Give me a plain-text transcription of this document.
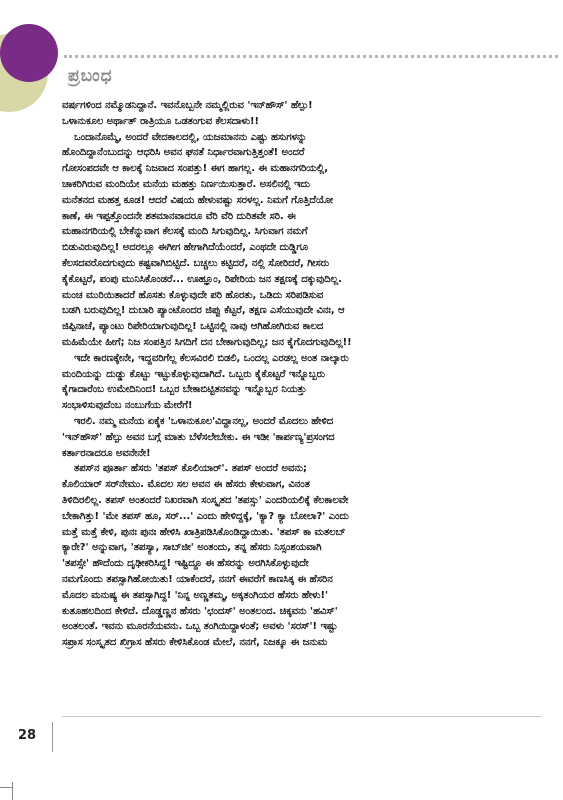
ಪ್ರಬಂಧ
ವರ್ಷಗಳಿಂದ ನಮ್ಮೊಡನಿದ್ದಾನೆ. ಇವನೊಬ್ಬನೇ ನಮ್ಮಲ್ಲಿರುವ 'ಇನ್‌ಹೌಸ್' ಹೆಲ್ಪು!
ಒಳಾನುಕೂಲ ಅರ್ಥಾತ್ ರಾತ್ರಿಯೂ ಒಡತಂಗುವ ಕೆಲಸದಾಳು!!
ಒಂದಾನೊಮ್ಮೆ, ಅಂದರೆ ವೇದಕಾಲದಲ್ಲಿ, ಯಜಮಾನನು ಎಷ್ಟು ಹಸುಗಳನ್ನು
ಹೊಂದಿದ್ದಾನೆಂಬುದನ್ನು ಆಧರಿಸಿ ಅವನ ಘನತೆ ನಿರ್ಧಾರವಾಗುತ್ತಿತ್ತಂತೆ! ಅಂದರೆ
ಗೋಸಂಪದವೇ ಆ ಕಾಲಕ್ಕೆ ನಿಜವಾದ ಸಂಪತ್ತು! ಈಗ ಹಾಗಲ್ಲ. ಈ ಮಹಾನಗರಿಯಲ್ಲಿ,
ಚಾಕರಿಗಿರುವ ಮಂದಿಯೇ ಮನೆಯ ಮಹತ್ತು ನಿರ್ಣಯಿಸುತ್ತಾರೆ. ಅಸಲಿನಲ್ಲಿ ಇದು
ಮನೆತನದ ಮಹತ್ತ ಕೂಡ! ಆದರೆ ವಿಷಯ ಹೇಳುವಷ್ಟು ಸರಳಲ್ಲ. ನಿಮಗೆ ಗೊತ್ತಿದೆಯೋ
ಕಾಣೆ, ಈ ಇಪ್ಪತ್ತೊಂದನೇ ಶತಮಾನವಾದರೂ ವೆರಿ ವೆರಿ ದುರಿತವೇ ಸರಿ. ಈ
ಮಹಾನಗರಿಯಲ್ಲಿ ಬೇಕೆನ್ನುವಾಗ ಕೆಲಸಕ್ಕೆ ಮಂದಿ ಸಿಗುವುದಿಲ್ಲ. ಸಿಗುವಾಗ ನಮಗೆ
ಬಿಡುವಿರುವುದಿಲ್ಲ! ಅದರಲ್ಲೂ ಈಗೀಗ ಹೇಗಾಗಿದೆಯೆಂದರೆ, ಎಂಥದೇ ದುಡ್ಡಿಗೂ
ಕೆಲಸದವರೊದಗುವುದು ಕಷ್ಟವಾಗಿಬಿಟ್ಟಿದೆ. ಬಚ್ಚಲು ಕಟ್ಟಿದರೆ, ನಲ್ಲಿ ಸೋರಿದರೆ, ಗೀಸರು
ಕೈಕೊಟ್ಟರೆ, ಪಂಪು ಮುನಿಸಿಕೊಂಡರೆ... ಊಹ್ಞೂಂ, ರಿಪೇರಿಯ ಜನ ತಕ್ಷಣಕ್ಕೆ ದಕ್ಕುವುದಿಲ್ಲ.
ಮಂಚ ಮುರಿಯಿತಾದರೆ ಹೊಸತು ಕೊಳ್ಳುವುದೇ ಪರಿ ಹೊರತು, ಒಡಿದು ಸರಿಪಡಿಸುವ
ಬಡಗಿ ಬರುವುದಿಲ್ಲ! ದುಬಾರಿ ಪ್ಯಾಂಟೊಂದರ ಜಿಪ್ಪು ಕೆಟ್ಟರೆ, ತಕ್ಷಣ ಎಸೆಯುವುದೇ ವಿನಃ, ಆ
ಜಿಪ್ಪಿನಾಚೆ, ಪ್ಯಾಂಟು ರಿಪೇರಿಯಾಗುವುದಿಲ್ಲ! ಒಟ್ಟಿನಲ್ಲಿ ನಾವು ಆಗಿಹೋಗಿರುವ ಕಾಲದ
ಮಹಿಮೆಯೇ ಹೀಗೆ; ನಿಜ ಸಂಪತ್ತಿನ ಸಿಗದಿಗೆ ದನ ಬೇಕಾಗುವುದಿಲ್ಲ; ಜನ ಕೈಗೊದಗುವುದಿಲ್ಲ!!
ಇದೇ ಕಾರಣಕ್ಕೇನೇ, ಇದ್ದವರಿಗೆಲ್ಲ ಕೆಲಸವಿರಲಿ ಬಿಡಲಿ, ಒಂದಲ್ಲ ಎರಡಲ್ಲ ಅಂತ ನಾಲ್ಕಾರು
ಮಂದಿಯನ್ನು ದುಡ್ಡು ಕೊಟ್ಟು ಇಟ್ಟುಕೊಳ್ಳುವುದಾಗಿದೆ. ಒಬ್ಬರು ಕೈಕೊಟ್ಟರೆ ಇನ್ನೊಬ್ಬರು
ಕೈಗಾದಾರೆಂಬ ಉಮೇದಿನಿಂದ! ಒಬ್ಬರ ಬೇಕಾಬಿಟ್ಟಿತನವನ್ನು ಇನ್ನೊಬ್ಬರ ನಿಯತ್ತು
ಸಂಭಾಳಿಸುವುದೆಂಬ ನಂಬುಗೆಯ ಮೇರೆಗೆ!
ಇರಲಿ. ನಮ್ಮ ಮನೆಯ ಏಕೈಕ 'ಒಳಾನುಕೂಲ'ವಿದ್ದಾನಲ್ಲ, ಅಂದರೆ ಮೊದಲು ಹೇಳಿದ
'ಇನ್‌ಹೌಸ್' ಹೆಲ್ಪು ಅವನ ಬಗ್ಗೆ ಮಾತು ಬೆಳೆಸಲೇಬೇಕು. ಈ ಇಡೀ 'ಕಾರ್ಪಣ್ಯ'ಪ್ರಸಂಗದ
ಕರ್ತಾರನಾದರೂ ಅವನೇನೇ!
ತಪಸ್‌ನ ಪೂರ್ತಾ ಹೆಸರು 'ತಪಸ್ ಕೊಲಿಯಾರ್'. ತಪಸ್ ಅಂದರೆ ಅವನು;
ಕೊಲಿಯಾರ್ ಸರ್‌ನೇಮು. ಮೊದಲ ಸಲ ಅವನ ಈ ಹೆಸರು ಕೇಳುವಾಗ, ವಿನಂತ
ತಿಳಿದಿರಲಿಲ್ಲ. ತಪಸ್ ಅಂತಂದರೆ ನಿಖರವಾಗಿ ಸಂಸ್ಕೃತದ 'ತಪಸ್ಸು' ಎಂದರಿಯಲಿಕ್ಕೆ ಕೆಲಕಾಲವೇ
ಬೇಕಾಗಿತ್ತು! 'ಮೇ ತಪಸ್ ಹೂ, ಸರ್...' ಎಂದು ಹೇಳಿದ್ದಕ್ಕೆ, 'ಕ್ಯಾ? ಕ್ಯಾ ಬೋಲಾ?' ಎಂದು
ಮತ್ತೆ ಮತ್ತೆ ಕೇಳಿ, ಪುನಃ ಪುನಃ ಹೇಳಿಸಿ ಖಾತ್ರಿಪಡಿಸಿಕೊಂಡಿದ್ದಾಯಿತು. 'ತಪಸ್ ಕಾ ಮತಲಬ್
ಕ್ಯಾರೇ?' ಅನ್ನುವಾಗ, 'ತಪಸ್ಯಾ, ಸಾಬ್‌ಜೀ' ಅಂತಂದು, ತನ್ನ ಹೆಸರು ನಿಸ್ಸಂಶಯವಾಗಿ
'ತಪಸ್ಸೇ' ಹೌದೆಂದು ದೃಢೀಕರಿಸಿದ್ದ! ಇಷ್ಟಿದ್ದೂ ಈ ಹೆಸರನ್ನು ಅರಗಿಸಿಕೊಳ್ಳುವುದೇ
ನಮಗೊಂದು ತಪಸ್ಸಾಗಿಹೋಯಿತು! ಯಾಕೆಂದರೆ, ನನಗೆ ಈವರೆಗೆ ಕಾಣಸಿಕ್ಕ ಈ ಹೆಸರಿನ
ಮೊದಲ ಮನುಷ್ಯ ಈ ತಪಸ್ಸಾಗಿದ್ದ! 'ನಿನ್ನ ಅಣ್ಣತಮ್ಮ, ಅಕ್ಕತಂಗಿಯರ ಹೆಸರು ಹೇಳು!'
ಕುತೂಹಲದಿಂದ ಕೇಳಿದೆ. ದೊಡ್ಡಣ್ಣನ ಹೆಸರು 'ಛಂದಸ್' ಅಂತಲಂದ. ಚಿಕ್ಕವನು 'ಹವಿಸ್'
ಅಂತಲಂತೆ. ಇವನು ಮೂರನೆಯವನು. ಒಬ್ಬ ತಂಗಿಯಿದ್ದಾಳಂತೆ; ಅವಳು 'ಸರಸ್'! ಇಷ್ಟು
ಸಪ್ರಾಸ ಸಂಸ್ಕೃತದ ಖಿಗ್ರಾಸ ಹೆಸರು ಕೇಳಿಸಿಕೊಂಡ ಮೇಲೆ, ನನಗೆ, ನಿಜಕ್ಕೂ ಈ ಜನುಮ
28
